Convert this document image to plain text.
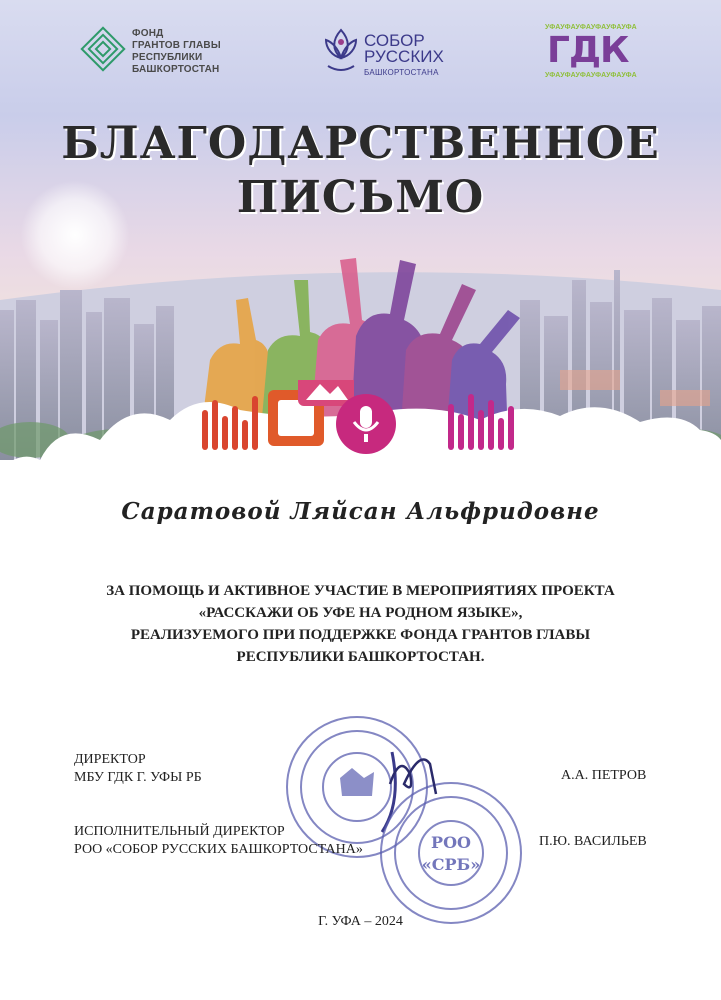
ФОНД
ГРАНТОВ ГЛАВЫ
РЕСПУБЛИКИ
БАШКОРТОСТАН
СОБОР
РУССКИХ
БАШКОРТОСТАНА
УФАУФАУФАУФАУФАУФА
ГДК
УФАУФАУФАУФАУФАУФА
БЛАГОДАРСТВЕННОЕ
ПИСЬМО
Саратовой Ляйсан Альфридовне
ЗА ПОМОЩЬ И АКТИВНОЕ УЧАСТИЕ В МЕРОПРИЯТИЯХ ПРОЕКТА
«РАССКАЖИ ОБ УФЕ НА РОДНОМ ЯЗЫКЕ»,
РЕАЛИЗУЕМОГО ПРИ ПОДДЕРЖКЕ ФОНДА ГРАНТОВ ГЛАВЫ
РЕСПУБЛИКИ БАШКОРТОСТАН.
РОО
«СРБ»
ДИРЕКТОР
МБУ ГДК Г. УФЫ РБ	А.А. ПЕТРОВ
ИСПОЛНИТЕЛЬНЫЙ ДИРЕКТОР
РОО «СОБОР РУССКИХ БАШКОРТОСТАНА»
П.Ю. ВАСИЛЬЕВ
Г. УФА – 2024
